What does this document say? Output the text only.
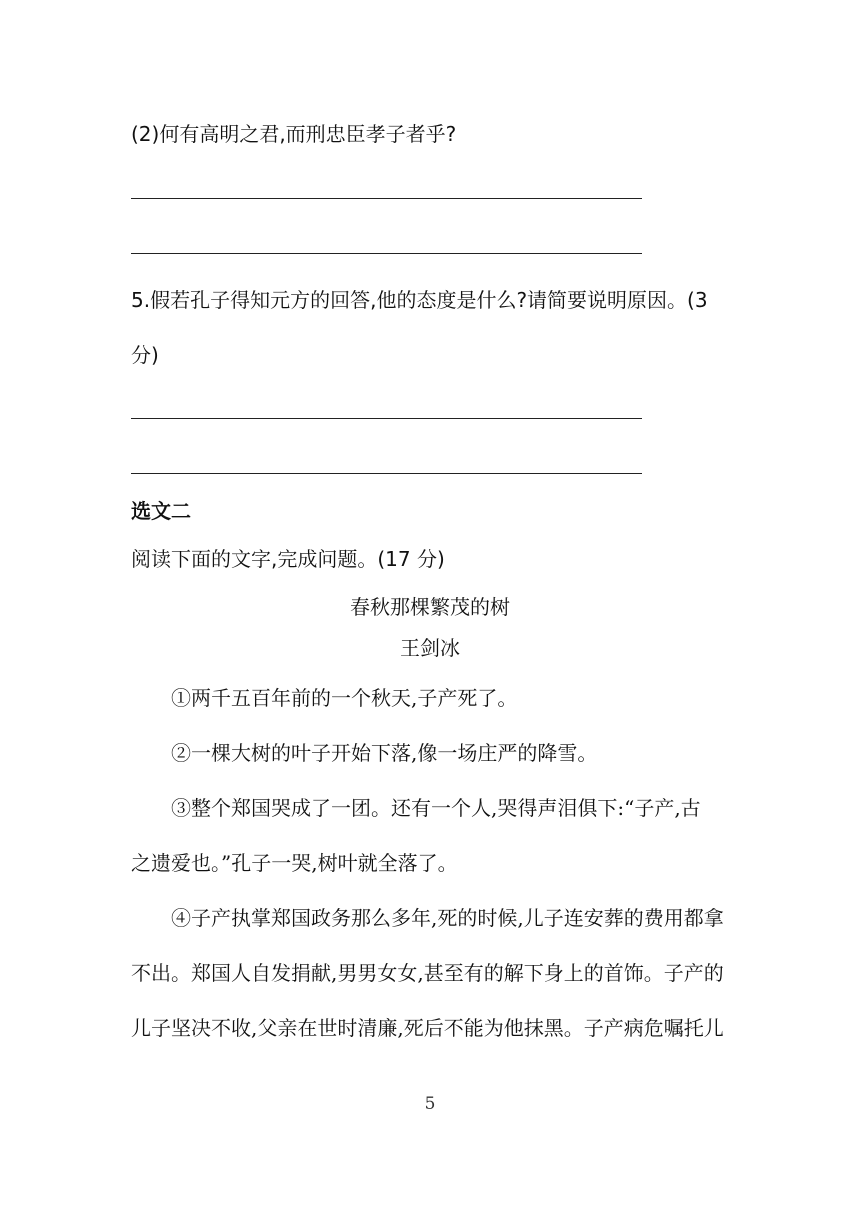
(2)何有高明之君,而刑忠臣孝子者乎?
5.假若孔子得知元方的回答,他的态度是什么?请简要说明原因。(3
分)
选文二
阅读下面的文字,完成问题。(17 分)
春秋那棵繁茂的树
王剑冰
①两千五百年前的一个秋天,子产死了。
②一棵大树的叶子开始下落,像一场庄严的降雪。
③整个郑国哭成了一团。还有一个人,哭得声泪俱下:“子产,古
之遗爱也。”孔子一哭,树叶就全落了。
④子产执掌郑国政务那么多年,死的时候,儿子连安葬的费用都拿
不出。郑国人自发捐献,男男女女,甚至有的解下身上的首饰。子产的
儿子坚决不收,父亲在世时清廉,死后不能为他抹黑。子产病危嘱托儿
5
